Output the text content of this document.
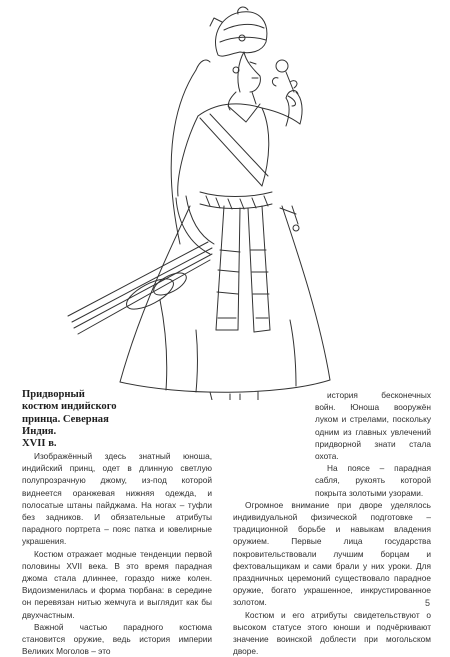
Придворный
костюм индийского
принца. Северная
Индия.
XVII в.

Изображённый здесь знатный юноша, индийский принц, одет в длинную светлую полупрозрачную джому, из-под которой виднеется оранжевая нижняя одежда, и полосатые штаны пайджама. На ногах – туфли без задников. И обязательные атрибуты парадного портрета – пояс патка и ювелирные украшения.

Костюм отражает модные тенденции первой половины XVII века. В это время парадная джома стала длиннее, гораздо ниже колен. Видоизменилась и форма тюрбана: в середине он перевязан нитью жемчуга и выглядит как бы двухчастным.

Важной частью парадного костюма становится оружие, ведь история империи Великих Моголов – это

история бесконечных войн. Юноша вооружён луком и стрелами, поскольку одним из главных увлечений придворной знати стала охота.

На поясе – парадная сабля, рукоять которой покрыта золотыми узорами.

Огромное внимание при дворе уделялось индивидуальной физической подготовке – традиционной борьбе и навыкам владения оружием. Первые лица государства покровительствовали лучшим борцам и фехтовальщикам и сами брали у них уроки. Для праздничных церемоний существовало парадное оружие, богато украшенное, инкрустированное золотом.

Костюм и его атрибуты свидетельствуют о высоком статусе этого юноши и подчёркивают значение воинской доблести при могольском дворе.

5
